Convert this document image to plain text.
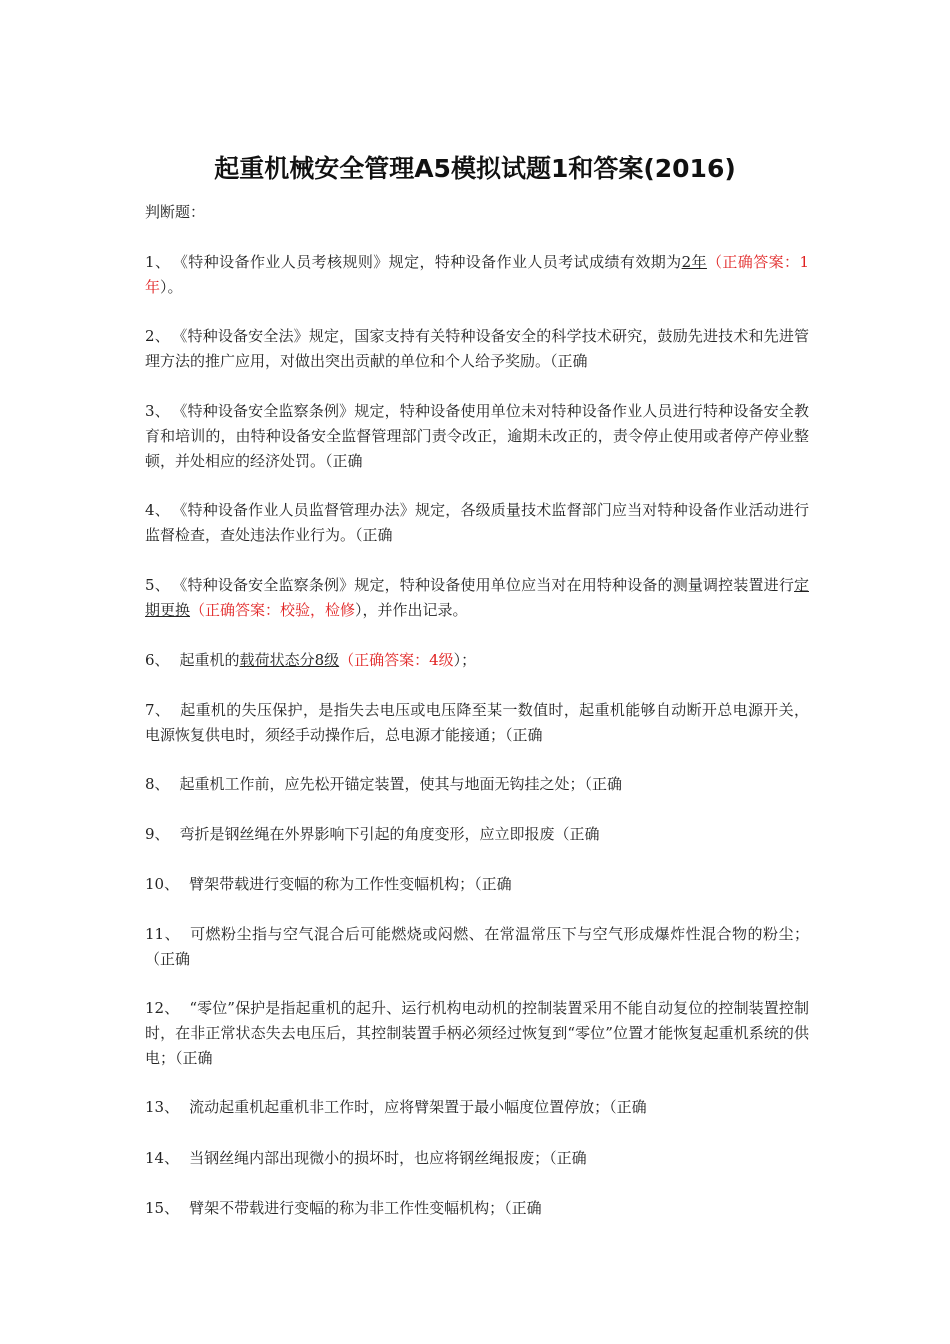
起重机械安全管理A5模拟试题1和答案(2016)
判断题：
1、 《特种设备作业人员考核规则》规定，特种设备作业人员考试成绩有效期为2年（正确答案：1年）。
2、 《特种设备安全法》规定，国家支持有关特种设备安全的科学技术研究，鼓励先进技术和先进管理方法的推广应用，对做出突出贡献的单位和个人给予奖励。（正确
3、 《特种设备安全监察条例》规定，特种设备使用单位未对特种设备作业人员进行特种设备安全教育和培训的，由特种设备安全监督管理部门责令改正，逾期未改正的，责令停止使用或者停产停业整顿，并处相应的经济处罚。（正确
4、 《特种设备作业人员监督管理办法》规定，各级质量技术监督部门应当对特种设备作业活动进行监督检查，查处违法作业行为。（正确
5、 《特种设备安全监察条例》规定，特种设备使用单位应当对在用特种设备的测量调控装置进行定期更换（正确答案：校验，检修），并作出记录。
6、 起重机的载荷状态分8级（正确答案：4级）；
7、 起重机的失压保护，是指失去电压或电压降至某一数值时，起重机能够自动断开总电源开关，电源恢复供电时，须经手动操作后，总电源才能接通；（正确
8、 起重机工作前，应先松开锚定装置，使其与地面无钩挂之处；（正确
9、 弯折是钢丝绳在外界影响下引起的角度变形，应立即报废（正确
10、 臂架带载进行变幅的称为工作性变幅机构；（正确
11、 可燃粉尘指与空气混合后可能燃烧或闷燃、在常温常压下与空气形成爆炸性混合物的粉尘；（正确
12、 “零位”保护是指起重机的起升、运行机构电动机的控制装置采用不能自动复位的控制装置控制时，在非正常状态失去电压后，其控制装置手柄必须经过恢复到“零位”位置才能恢复起重机系统的供电；（正确
13、 流动起重机起重机非工作时，应将臂架置于最小幅度位置停放；（正确
14、 当钢丝绳内部出现微小的损坏时，也应将钢丝绳报废；（正确
15、 臂架不带载进行变幅的称为非工作性变幅机构；（正确
